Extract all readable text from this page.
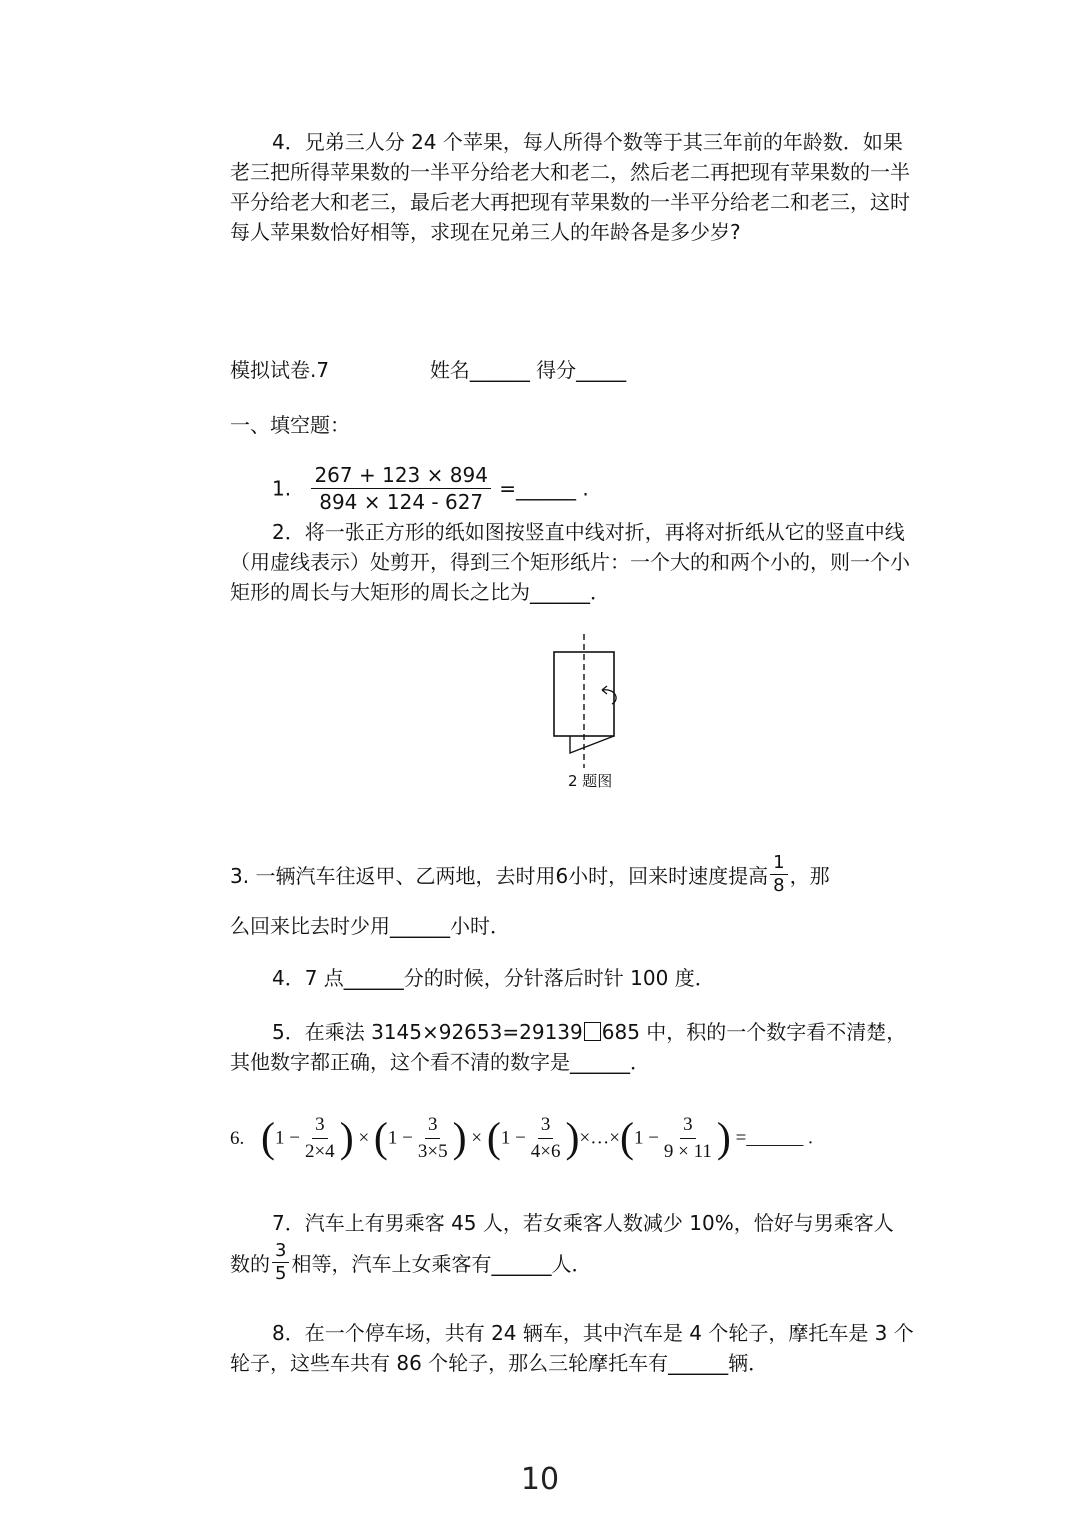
4．兄弟三人分 24 个苹果，每人所得个数等于其三年前的年龄数．如果老三把所得苹果数的一半平分给老大和老二，然后老二再把现有苹果数的一半平分给老大和老三，最后老大再把现有苹果数的一半平分给老二和老三，这时每人苹果数恰好相等，求现在兄弟三人的年龄各是多少岁?

模拟试卷.7	姓名______ 得分_____
一、填空题：
1. $\frac{267 + 123 \times 894}{894 \times 124 - 627}$ =______ .

2．将一张正方形的纸如图按竖直中线对折，再将对折纸从它的竖直中线（用虚线表示）处剪开，得到三个矩形纸片：一个大的和两个小的，则一个小矩形的周长与大矩形的周长之比为______．

2 题图
3. 一辆汽车往返甲、乙两地，去时用6小时，回来时速度提高 $\frac{1}{8}$ ，那
么回来比去时少用______小时．

4．7 点______分的时候，分针落后时针 100 度．

5．在乘法 3145×92653=29139 685 中，积的一个数字看不清楚，其他数字都正确，这个看不清的数字是______．

6. ($1 - \frac{3}{2\times 4}$ ) × ($1 - \frac{3}{3\times 5}$ ) × ($1 - \frac{3}{4\times 6}$ )×…×(1 − $\frac{3}{9 \times 11}$ ) =______ .

7．汽车上有男乘客 45 人，若女乘客人数减少 10%，恰好与男乘客人

数的 $\frac{3}{5}$ 相等，汽车上女乘客有______人．

8．在一个停车场，共有 24 辆车，其中汽车是 4 个轮子，摩托车是 3 个轮子，这些车共有 86 个轮子，那么三轮摩托车有______辆．

10
